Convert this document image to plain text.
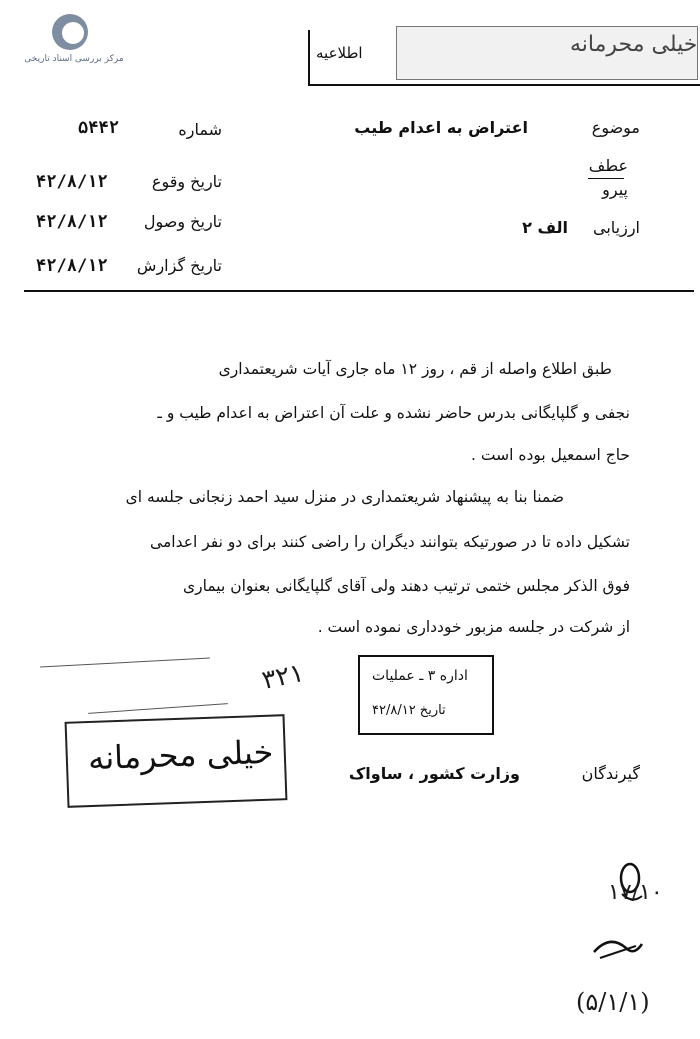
مرکز بررسی اسناد تاریخی
خیلی محرمانه
اطلاعیه
موضوع
اعتراض به اعدام طیب
عطف
پیرو
ارزیابی
الف ۲
شماره
۵۴۴۲
تاریخ وقوع
۴۲/۸/۱۲
تاریخ وصول
۴۲/۸/۱۲
تاریخ گزارش
۴۲/۸/۱۲
طبق اطلاع واصله از قم ، روز ۱۲ ماه جاری آیات شریعتمداری
نجفی و گلپایگانی بدرس حاضر نشده و علت آن اعتراض به اعدام طیب و ـ
حاج اسمعیل بوده است .
ضمنا بنا به پیشنهاد شریعتمداری در منزل سید احمد زنجانی جلسه ای
تشکیل داده تا در صورتیکه بتوانند دیگران را راضی کنند برای دو نفر اعدامی
فوق الذکر مجلس ختمی ترتیب دهند ولی آقای گلپایگانی بعنوان بیماری
از شرکت در جلسه مزبور خودداری نموده است .
۳۲۱	اداره ۳ ـ عملیات
تاریخ ۴۲/۸/۱۲
خیلی محرمانه	گیرندگان
وزارت کشور ، ساواک
۱۷/۱۰
(۵/۱/۱)
